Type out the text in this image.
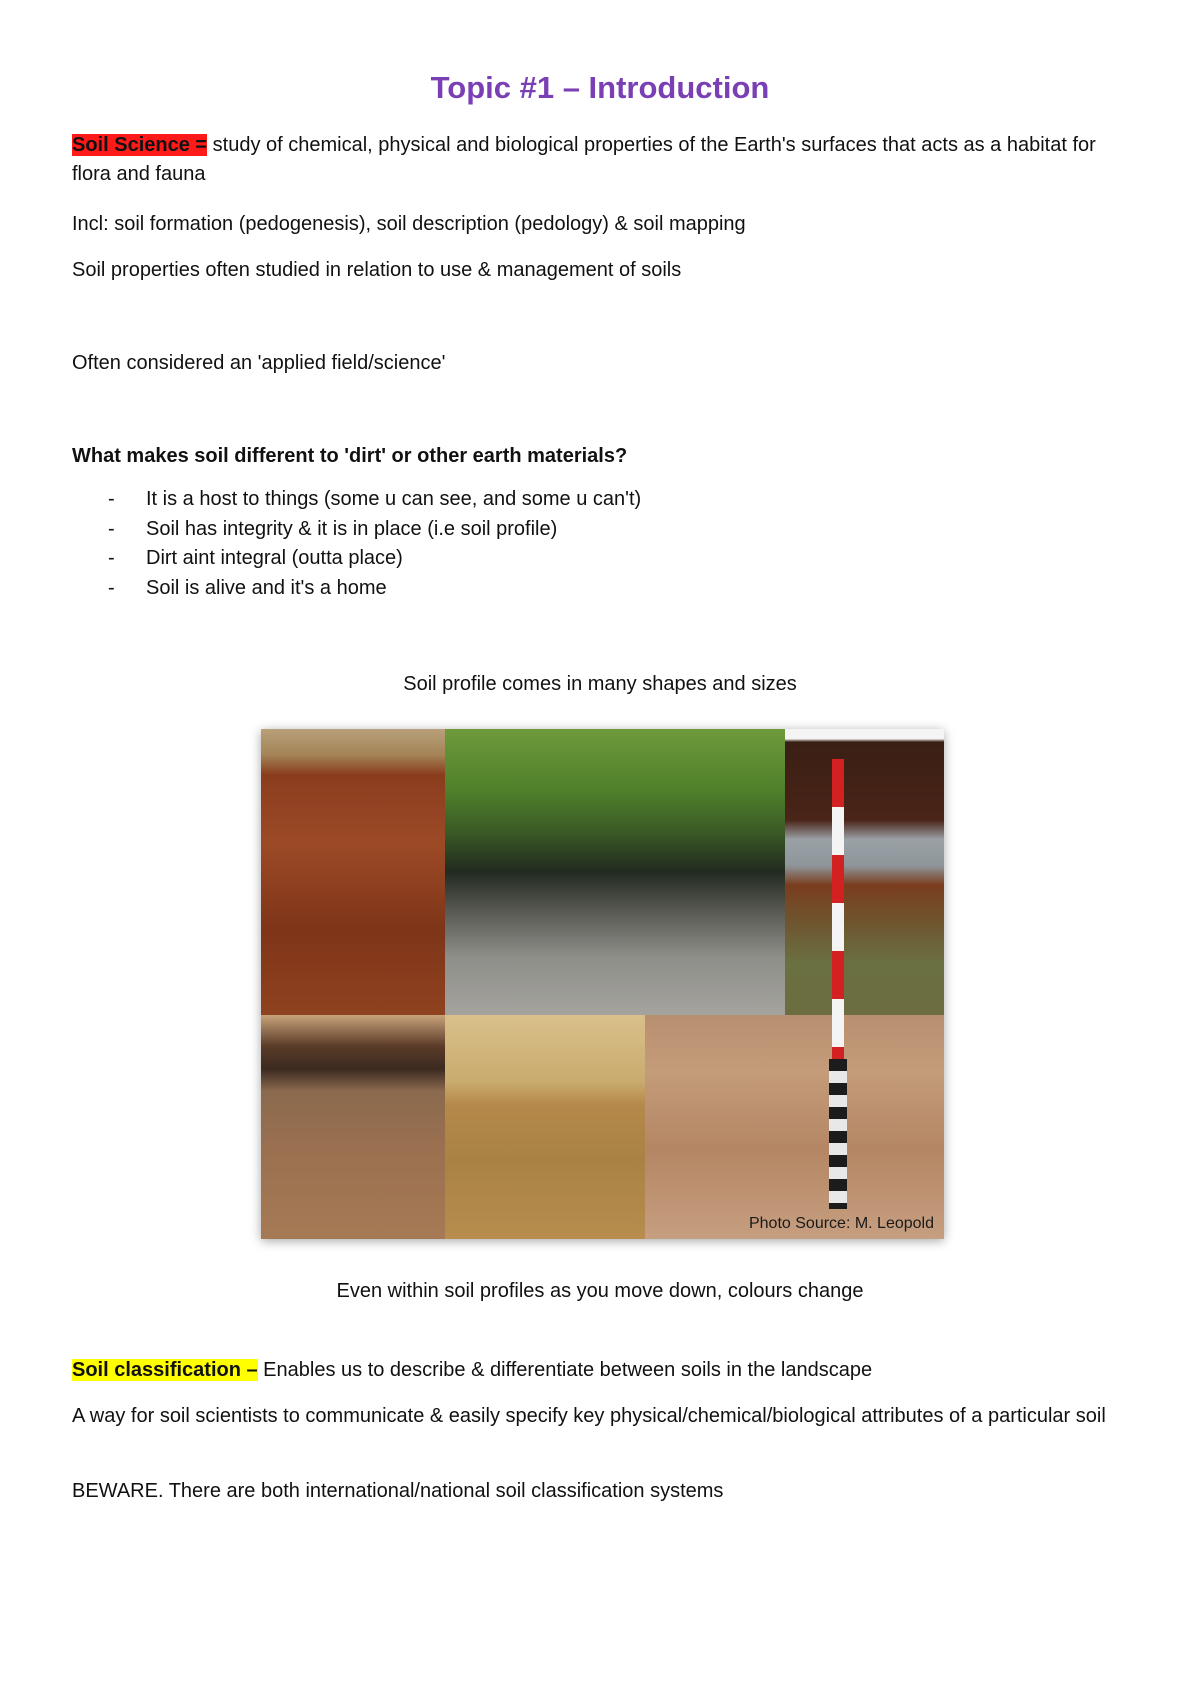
Topic #1 – Introduction
Soil Science = study of chemical, physical and biological properties of the Earth's surfaces that acts as a habitat for flora and fauna
Incl: soil formation (pedogenesis), soil description (pedology) & soil mapping
Soil properties often studied in relation to use & management of soils
Often considered an 'applied field/science'
What makes soil different to 'dirt' or other earth materials?
- It is a host to things (some u can see, and some u can't)
- Soil has integrity & it is in place (i.e soil profile)
- Dirt aint integral (outta place)
- Soil is alive and it's a home
Soil profile comes in many shapes and sizes
Photo Source: M. Leopold
Even within soil profiles as you move down, colours change
Soil classification – Enables us to describe & differentiate between soils in the landscape
A way for soil scientists to communicate & easily specify key physical/chemical/biological attributes of a particular soil
BEWARE. There are both international/national soil classification systems
